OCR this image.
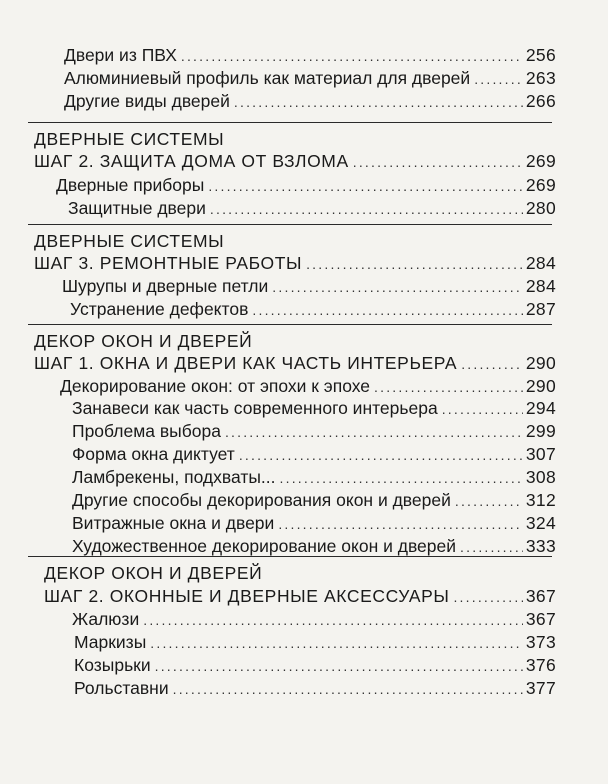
Двери из ПВХ .....	256
Алюминиевый профиль как материал для дверей .....	263
Другие виды дверей .....	266
ДВЕРНЫЕ СИСТЕМЫ
ШАГ 2. ЗАЩИТА ДОМА ОТ ВЗЛОМА .....	269
Дверные приборы .....	269
Защитные двери .....	280
ДВЕРНЫЕ СИСТЕМЫ
ШАГ 3. РЕМОНТНЫЕ РАБОТЫ .....	284
Шурупы и дверные петли .....	284
Устранение дефектов .....	287
ДЕКОР ОКОН И ДВЕРЕЙ
ШАГ 1. ОКНА И ДВЕРИ КАК ЧАСТЬ ИНТЕРЬЕРА .....	290
Декорирование окон: от эпохи к эпохе .....	290
Занавеси как часть современного интерьера .....	294
Проблема выбора .....	299
Форма окна диктует .....	307
Ламбрекены, подхваты... .....	308
Другие способы декорирования окон и дверей .....	312
Витражные окна и двери .....	324
Художественное декорирование окон и дверей .....	333
ДЕКОР ОКОН И ДВЕРЕЙ
ШАГ 2. ОКОННЫЕ И ДВЕРНЫЕ АКСЕССУАРЫ .....	367
Жалюзи .....	367
Маркизы .....	373
Козырьки .....	376
Рольставни .....	377
